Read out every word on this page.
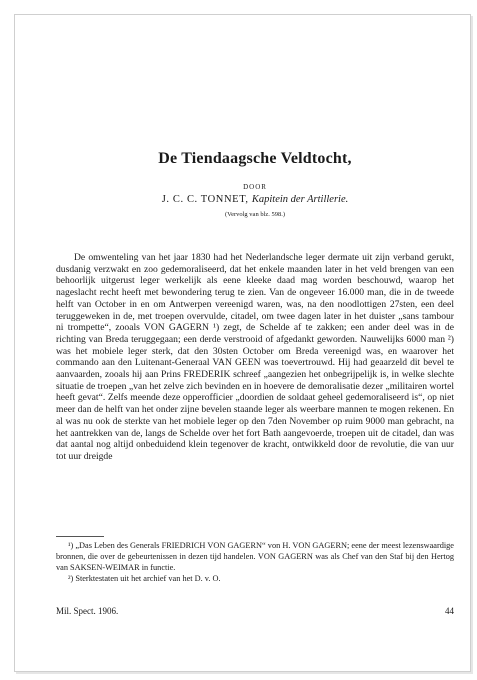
De Tiendaagsche Veldtocht,
DOOR
J. C. C. TONNET, Kapitein der Artillerie.
(Vervolg van blz. 598.)

De omwenteling van het jaar 1830 had het Nederlandsche leger dermate uit zijn verband gerukt, dusdanig verzwakt en zoo gedemoraliseerd, dat het enkele maanden later in het veld brengen van een behoorlijk uitgerust leger werkelijk als eene kleeke daad mag worden beschouwd, waarop het nageslacht recht heeft met bewondering terug te zien. Van de ongeveer 16.000 man, die in de tweede helft van October in en om Antwerpen vereenigd waren, was, na den noodlottigen 27sten, een deel teruggeweken in de, met troepen overvulde, citadel, om twee dagen later in het duister „sans tambour ni trompette“, zooals VON GAGERN ¹) zegt, de Schelde af te zakken; een ander deel was in de richting van Breda teruggegaan; een derde verstrooid of afgedankt geworden. Nauwelijks 6000 man ²) was het mobiele leger sterk, dat den 30sten October om Breda vereenigd was, en waarover het commando aan den Luitenant-Generaal VAN GEEN was toevertrouwd. Hij had geaarzeld dit bevel te aanvaarden, zooals hij aan Prins FREDERIK schreef „aangezien het onbegrijpelijk is, in welke slechte situatie de troepen „van het zelve zich bevinden en in hoevere de demoralisatie dezer „militairen wortel heeft gevat“. Zelfs meende deze opperofficier „doordien de soldaat geheel gedemoraliseerd is“, op niet meer dan de helft van het onder zijne bevelen staande leger als weerbare mannen te mogen rekenen. En al was nu ook de sterkte van het mobiele leger op den 7den November op ruim 9000 man gebracht, na het aantrekken van de, langs de Schelde over het fort Bath aangevoerde, troepen uit de citadel, dan was dat aantal nog altijd onbeduidend klein tegenover de kracht, ontwikkeld door de revolutie, die van uur tot uur dreigde

¹) „Das Leben des Generals FRIEDRICH VON GAGERN“ von H. VON GAGERN; eene der meest lezenswaardige bronnen, die over de gebeurtenissen in dezen tijd handelen. VON GAGERN was als Chef van den Staf bij den Hertog van SAKSEN-WEIMAR in functie.

²) Sterktestaten uit het archief van het D. v. O.

Mil. Spect. 1906.	44
